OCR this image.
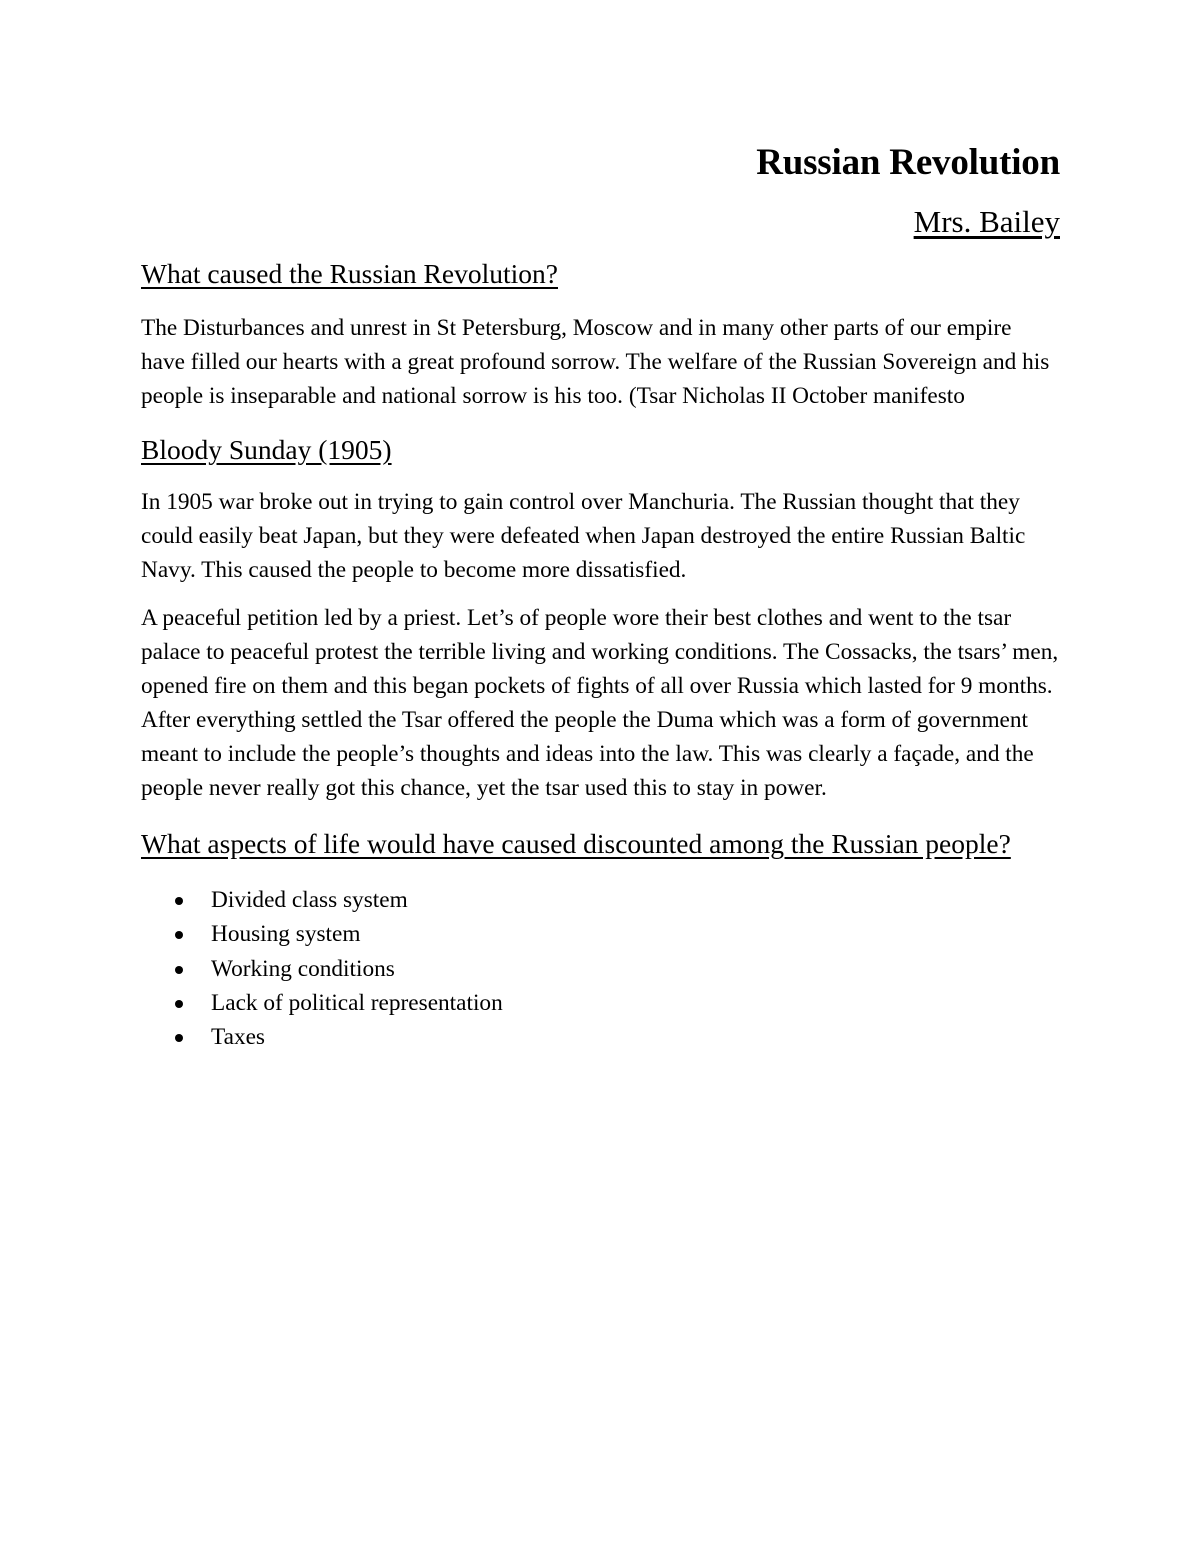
Russian Revolution
Mrs. Bailey
What caused the Russian Revolution?

The Disturbances and unrest in St Petersburg, Moscow and in many other parts of our empire have filled our hearts with a great profound sorrow. The welfare of the Russian Sovereign and his people is inseparable and national sorrow is his too. (Tsar Nicholas II October manifesto

Bloody Sunday (1905)

In 1905 war broke out in trying to gain control over Manchuria. The Russian thought that they could easily beat Japan, but they were defeated when Japan destroyed the entire Russian Baltic Navy. This caused the people to become more dissatisfied.

A peaceful petition led by a priest. Let’s of people wore their best clothes and went to the tsar palace to peaceful protest the terrible living and working conditions. The Cossacks, the tsars’ men, opened fire on them and this began pockets of fights of all over Russia which lasted for 9 months. After everything settled the Tsar offered the people the Duma which was a form of government meant to include the people’s thoughts and ideas into the law. This was clearly a façade, and the people never really got this chance, yet the tsar used this to stay in power.

What aspects of life would have caused discounted among the Russian people?
Divided class system
Housing system
Working conditions
Lack of political representation
Taxes
